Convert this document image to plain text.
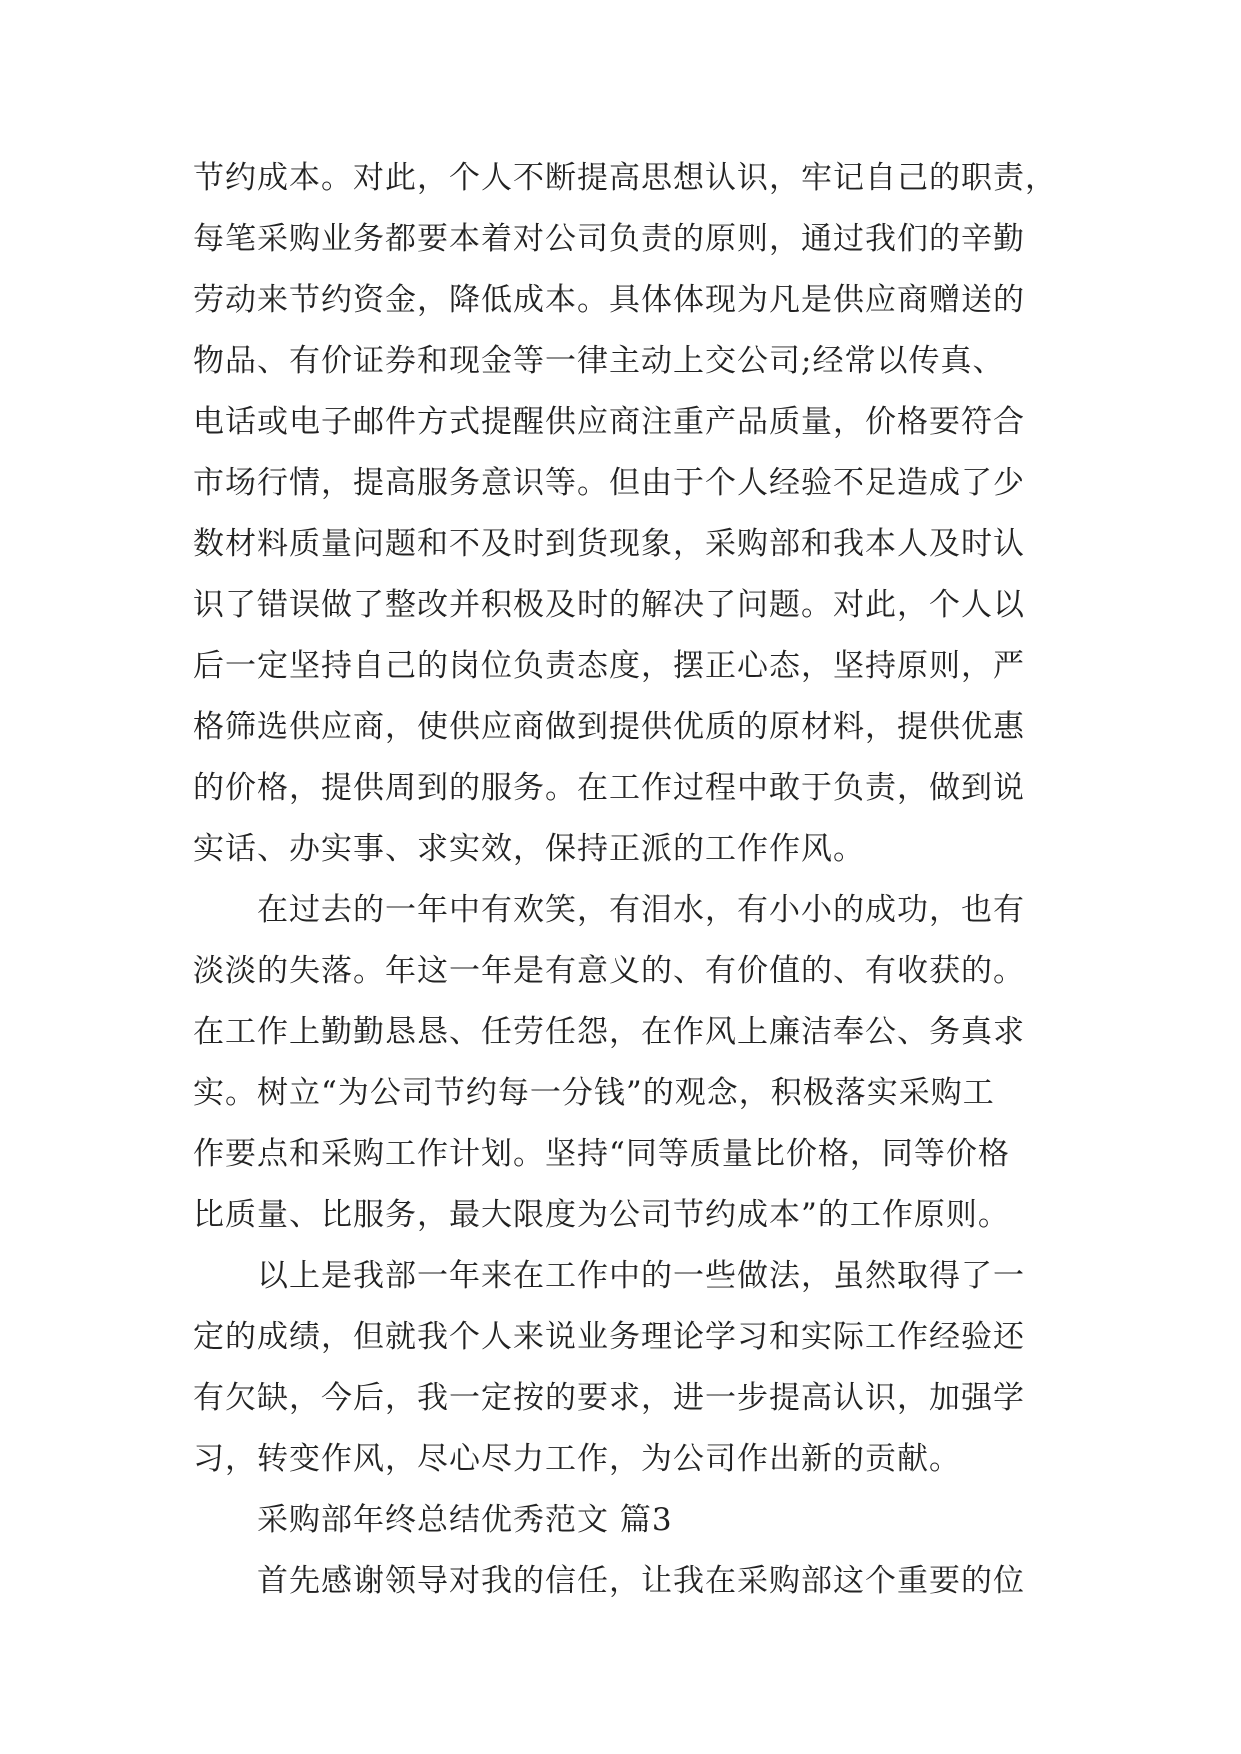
节约成本。对此，个人不断提高思想认识，牢记自己的职责，
每笔采购业务都要本着对公司负责的原则，通过我们的辛勤
劳动来节约资金，降低成本。具体体现为凡是供应商赠送的
物品、有价证券和现金等一律主动上交公司;经常以传真、
电话或电子邮件方式提醒供应商注重产品质量，价格要符合
市场行情，提高服务意识等。但由于个人经验不足造成了少
数材料质量问题和不及时到货现象，采购部和我本人及时认
识了错误做了整改并积极及时的解决了问题。对此，个人以
后一定坚持自己的岗位负责态度，摆正心态，坚持原则，严
格筛选供应商，使供应商做到提供优质的原材料，提供优惠
的价格，提供周到的服务。在工作过程中敢于负责，做到说
实话、办实事、求实效，保持正派的工作作风。
在过去的一年中有欢笑，有泪水，有小小的成功，也有
淡淡的失落。年这一年是有意义的、有价值的、有收获的。
在工作上勤勤恳恳、任劳任怨，在作风上廉洁奉公、务真求
实。树立“为公司节约每一分钱”的观念，积极落实采购工
作要点和采购工作计划。坚持“同等质量比价格，同等价格
比质量、比服务，最大限度为公司节约成本”的工作原则。
以上是我部一年来在工作中的一些做法，虽然取得了一
定的成绩，但就我个人来说业务理论学习和实际工作经验还
有欠缺，今后，我一定按的要求，进一步提高认识，加强学
习，转变作风，尽心尽力工作，为公司作出新的贡献。
采购部年终总结优秀范文 篇3
首先感谢领导对我的信任，让我在采购部这个重要的位
